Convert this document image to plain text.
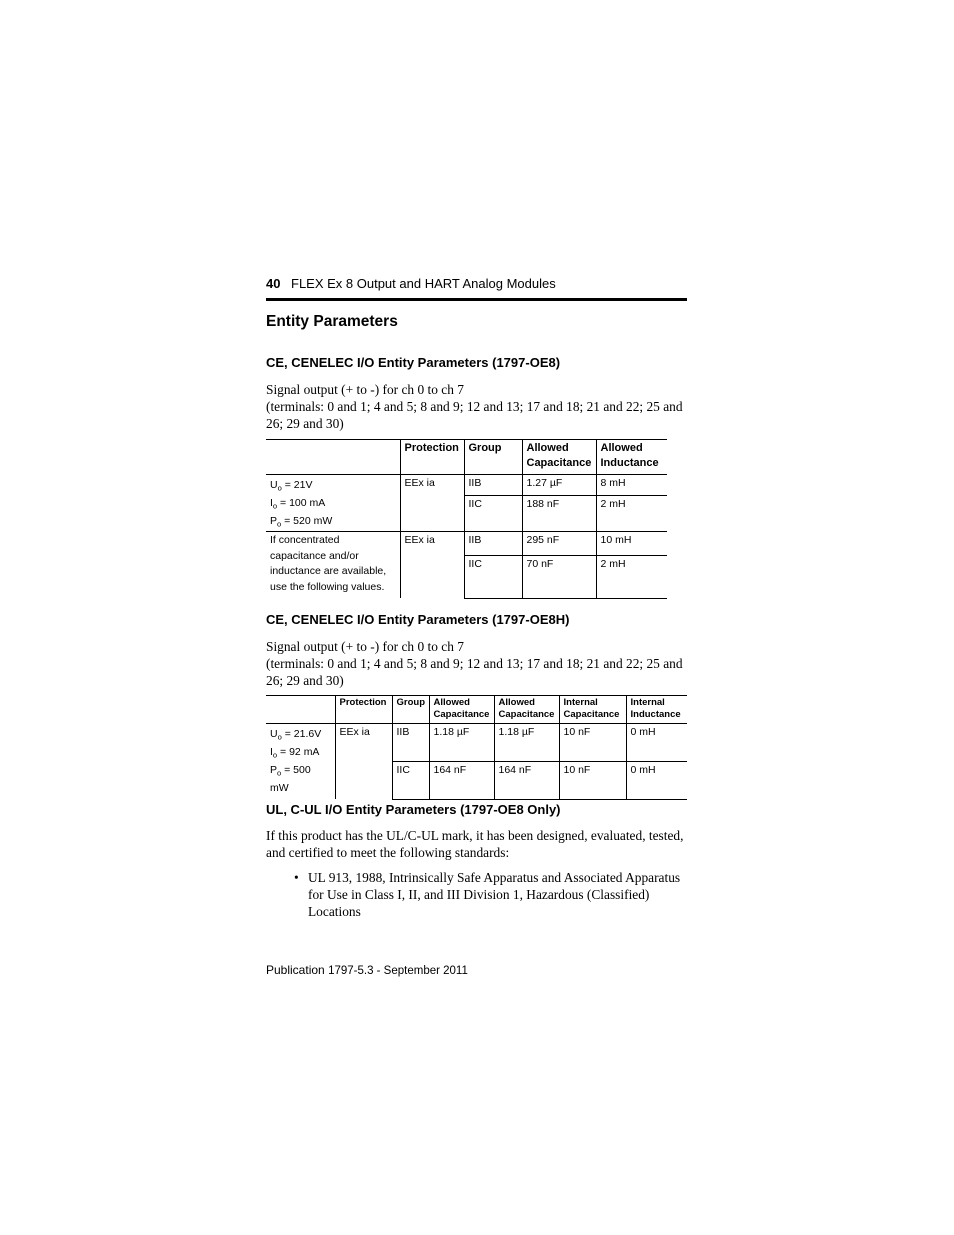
40 FLEX Ex 8 Output and HART Analog Modules
Entity Parameters
CE, CENELEC I/O Entity Parameters (1797-OE8)
Signal output (+ to -) for ch 0 to ch 7
(terminals: 0 and 1; 4 and 5; 8 and 9; 12 and 13; 17 and 18; 21 and 22; 25 and 26; 29 and 30)
	Protection	Group	Allowed Capacitance	Allowed Inductance

$U_o = 21V$
$I_o = 100$ mA
$P_o = 520$ mW	EEx ia	IIB	1.27 µF	8 mH
		IIC	188 nF	2 mH
If concentrated capacitance and/or inductance are available, use the following values.	EEx ia	IIB	295 nF	10 mH
		IIC	70 nF	2 mH
CE, CENELEC I/O Entity Parameters (1797-OE8H)
Signal output (+ to -) for ch 0 to ch 7
(terminals: 0 and 1; 4 and 5; 8 and 9; 12 and 13; 17 and 18; 21 and 22; 25 and 26; 29 and 30)
	Protection	Group	Allowed Capacitance	Allowed Capacitance	Internal Capacitance	Internal Inductance

$U_o = 21.6V$
$I_o = 92$ mA
$P_o = 500$ mW	EEx ia	IIB	1.18 µF	1.18 µF	10 nF	0 mH
		IIC	164 nF	164 nF	10 nF	0 mH
UL, C-UL I/O Entity Parameters (1797-OE8 Only)
If this product has the UL/C-UL mark, it has been designed, evaluated, tested, and certified to meet the following standards:
• UL 913, 1988, Intrinsically Safe Apparatus and Associated Apparatus for Use in Class I, II, and III Division 1, Hazardous (Classified) Locations
Publication 1797-5.3 - September 2011
